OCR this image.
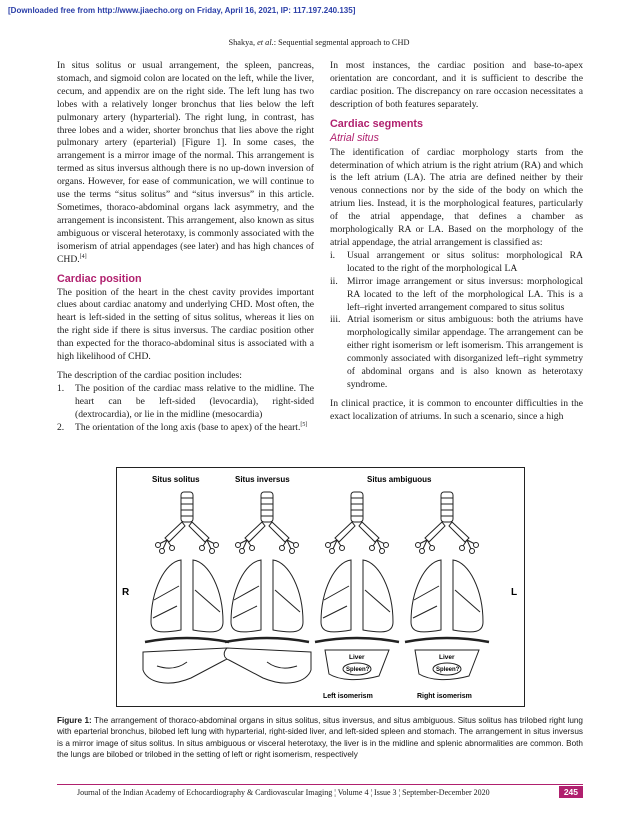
[Downloaded free from http://www.jiaecho.org on Friday, April 16, 2021, IP: 117.197.240.135]
Shakya, et al.: Sequential segmental approach to CHD

In situs solitus or usual arrangement, the spleen, pancreas, stomach, and sigmoid colon are located on the left, while the liver, cecum, and appendix are on the right side. The left lung has two lobes with a relatively longer bronchus that lies below the left pulmonary artery (hyparterial). The right lung, in contrast, has three lobes and a wider, shorter bronchus that lies above the right pulmonary artery (eparterial) [Figure 1]. In some cases, the arrangement is a mirror image of the normal. This arrangement is termed as situs inversus although there is no up-down inversion of organs. However, for ease of communication, we will continue to use the terms “situs solitus” and “situs inversus” in this article. Sometimes, thoraco-abdominal organs lack asymmetry, and the arrangement is inconsistent. This arrangement, also known as situs ambiguous or visceral heterotaxy, is commonly associated with the isomerism of atrial appendages (see later) and has high chances of CHD.[4]

Cardiac position

The position of the heart in the chest cavity provides important clues about cardiac anatomy and underlying CHD. Most often, the heart is left-sided in the setting of situs solitus, whereas it lies on the right side if there is situs inversus. The cardiac position other than expected for the thoraco-abdominal situs is associated with a high likelihood of CHD.

The description of the cardiac position includes:

1. The position of the cardiac mass relative to the midline. The heart can be left-sided (levocardia), right-sided (dextrocardia), or lie in the midline (mesocardia)
2. The orientation of the long axis (base to apex) of the heart.[5]

In most instances, the cardiac position and base-to-apex orientation are concordant, and it is sufficient to describe the cardiac position. The discrepancy on rare occasion necessitates a description of both features separately.

Cardiac segments
Atrial situs

The identification of cardiac morphology starts from the determination of which atrium is the right atrium (RA) and which is the left atrium (LA). The atria are defined neither by their venous connections nor by the side of the body on which the atrium lies. Instead, it is the morphological features, particularly of the atrial appendage, that defines a chamber as morphologically RA or LA. Based on the morphology of the atrial appendage, the atrial arrangement is classified as:

i. Usual arrangement or situs solitus: morphological RA located to the right of the morphological LA
ii. Mirror image arrangement or situs inversus: morphological RA located to the left of the morphological LA. This is a left–right inverted arrangement compared to situs solitus
iii. Atrial isomerism or situs ambiguous: both the atriums have morphologically similar appendage. The arrangement can be either right isomerism or left isomerism. This arrangement is commonly associated with disorganized left–right symmetry of abdominal organs and is also known as heterotaxy syndrome.

In clinical practice, it is common to encounter difficulties in the exact localization of atriums. In such a scenario, since a high

Situs solitus	Situs inversus	Situs ambiguous
R	L
Liver
Spleen?
Liver
Spleen?
Left isomerism	Right isomerism
Figure 1: The arrangement of thoraco-abdominal organs in situs solitus, situs inversus, and situs ambiguous. Situs solitus has trilobed right lung with eparterial bronchus, bilobed left lung with hyparterial, right-sided liver, and left-sided spleen and stomach. The arrangement in situs inversus is a mirror image of situs solitus. In situs ambiguous or visceral heterotaxy, the liver is in the midline and splenic abnormalities are common. Both the lungs are bilobed or trilobed in the setting of left or right isomerism, respectively
Journal of the Indian Academy of Echocardiography & Cardiovascular Imaging ¦ Volume 4 ¦ Issue 3 ¦ September-December 2020	245
